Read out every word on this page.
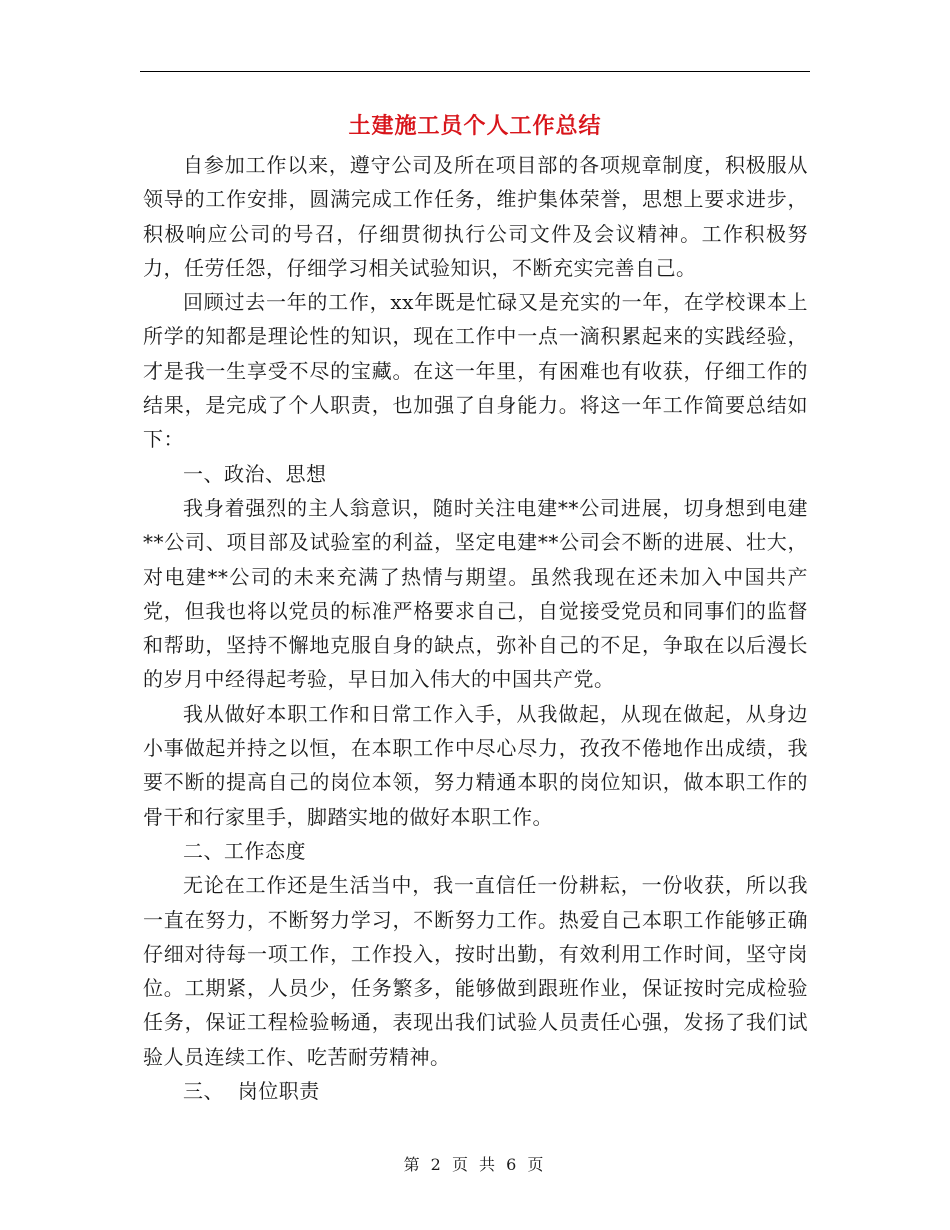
土建施工员个人工作总结

自参加工作以来，遵守公司及所在项目部的各项规章制度，积极服从领导的工作安排，圆满完成工作任务，维护集体荣誉，思想上要求进步，积极响应公司的号召，仔细贯彻执行公司文件及会议精神。工作积极努力，任劳任怨，仔细学习相关试验知识，不断充实完善自己。

回顾过去一年的工作，xx年既是忙碌又是充实的一年，在学校课本上所学的知都是理论性的知识，现在工作中一点一滴积累起来的实践经验，才是我一生享受不尽的宝藏。在这一年里，有困难也有收获，仔细工作的结果，是完成了个人职责，也加强了自身能力。将这一年工作简要总结如下：

一、政治、思想

我身着强烈的主人翁意识，随时关注电建**公司进展，切身想到电建**公司、项目部及试验室的利益，坚定电建**公司会不断的进展、壮大，对电建**公司的未来充满了热情与期望。虽然我现在还未加入中国共产党，但我也将以党员的标准严格要求自己，自觉接受党员和同事们的监督和帮助，坚持不懈地克服自身的缺点，弥补自己的不足，争取在以后漫长的岁月中经得起考验，早日加入伟大的中国共产党。

我从做好本职工作和日常工作入手，从我做起，从现在做起，从身边小事做起并持之以恒，在本职工作中尽心尽力，孜孜不倦地作出成绩，我要不断的提高自己的岗位本领，努力精通本职的岗位知识，做本职工作的骨干和行家里手，脚踏实地的做好本职工作。

二、工作态度

无论在工作还是生活当中，我一直信任一份耕耘，一份收获，所以我一直在努力，不断努力学习，不断努力工作。热爱自己本职工作能够正确仔细对待每一项工作，工作投入，按时出勤，有效利用工作时间，坚守岗位。工期紧，人员少，任务繁多，能够做到跟班作业，保证按时完成检验任务，保证工程检验畅通，表现出我们试验人员责任心强，发扬了我们试验人员连续工作、吃苦耐劳精神。

三、  岗位职责

第 2 页 共 6 页
